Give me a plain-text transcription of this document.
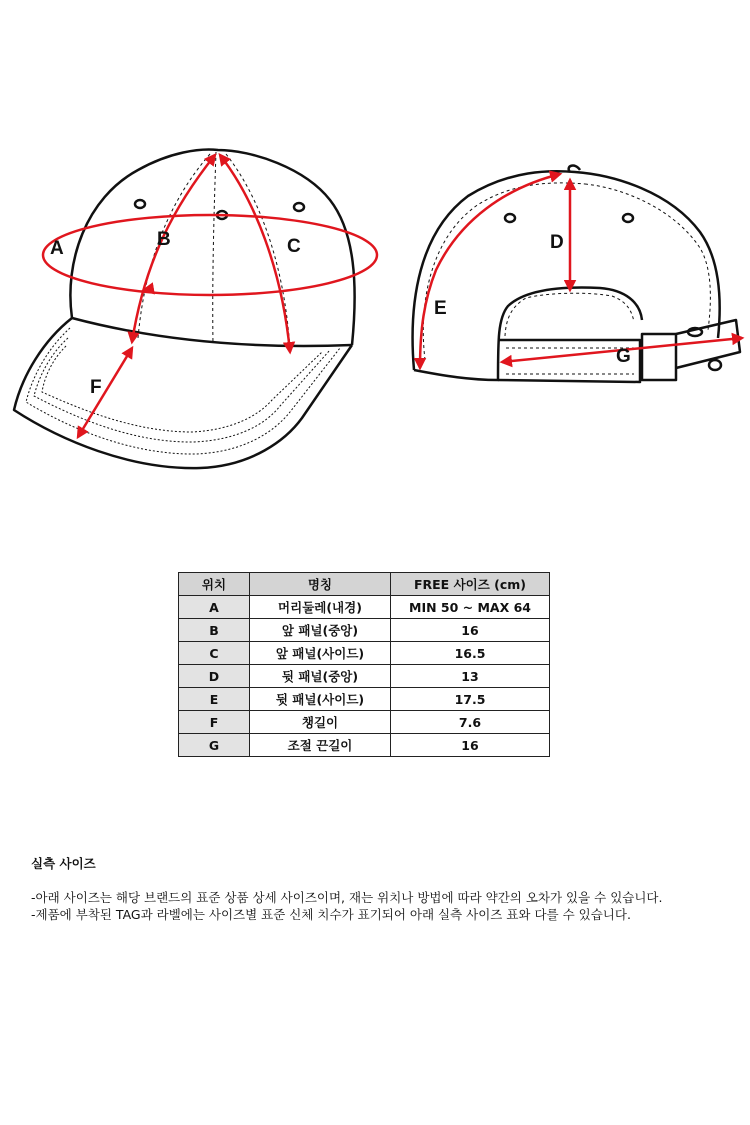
A	B	C
F
D
E
G
위치	명칭	FREE 사이즈 (cm)
A	머리둘레(내경)	MIN 50 ~ MAX 64
B	앞 패널(중앙)	16
C	앞 패널(사이드)	16.5
D	뒷 패널(중앙)	13
E	뒷 패널(사이드)	17.5
F	챙길이	7.6
G	조절 끈길이	16
실측 사이즈
-아래 사이즈는 해당 브랜드의 표준 상품 상세 사이즈이며, 재는 위치나 방법에 따라 약간의 오차가 있을 수 있습니다.
-제품에 부착된 TAG과 라벨에는 사이즈별 표준 신체 치수가 표기되어 아래 실측 사이즈 표와 다를 수 있습니다.
